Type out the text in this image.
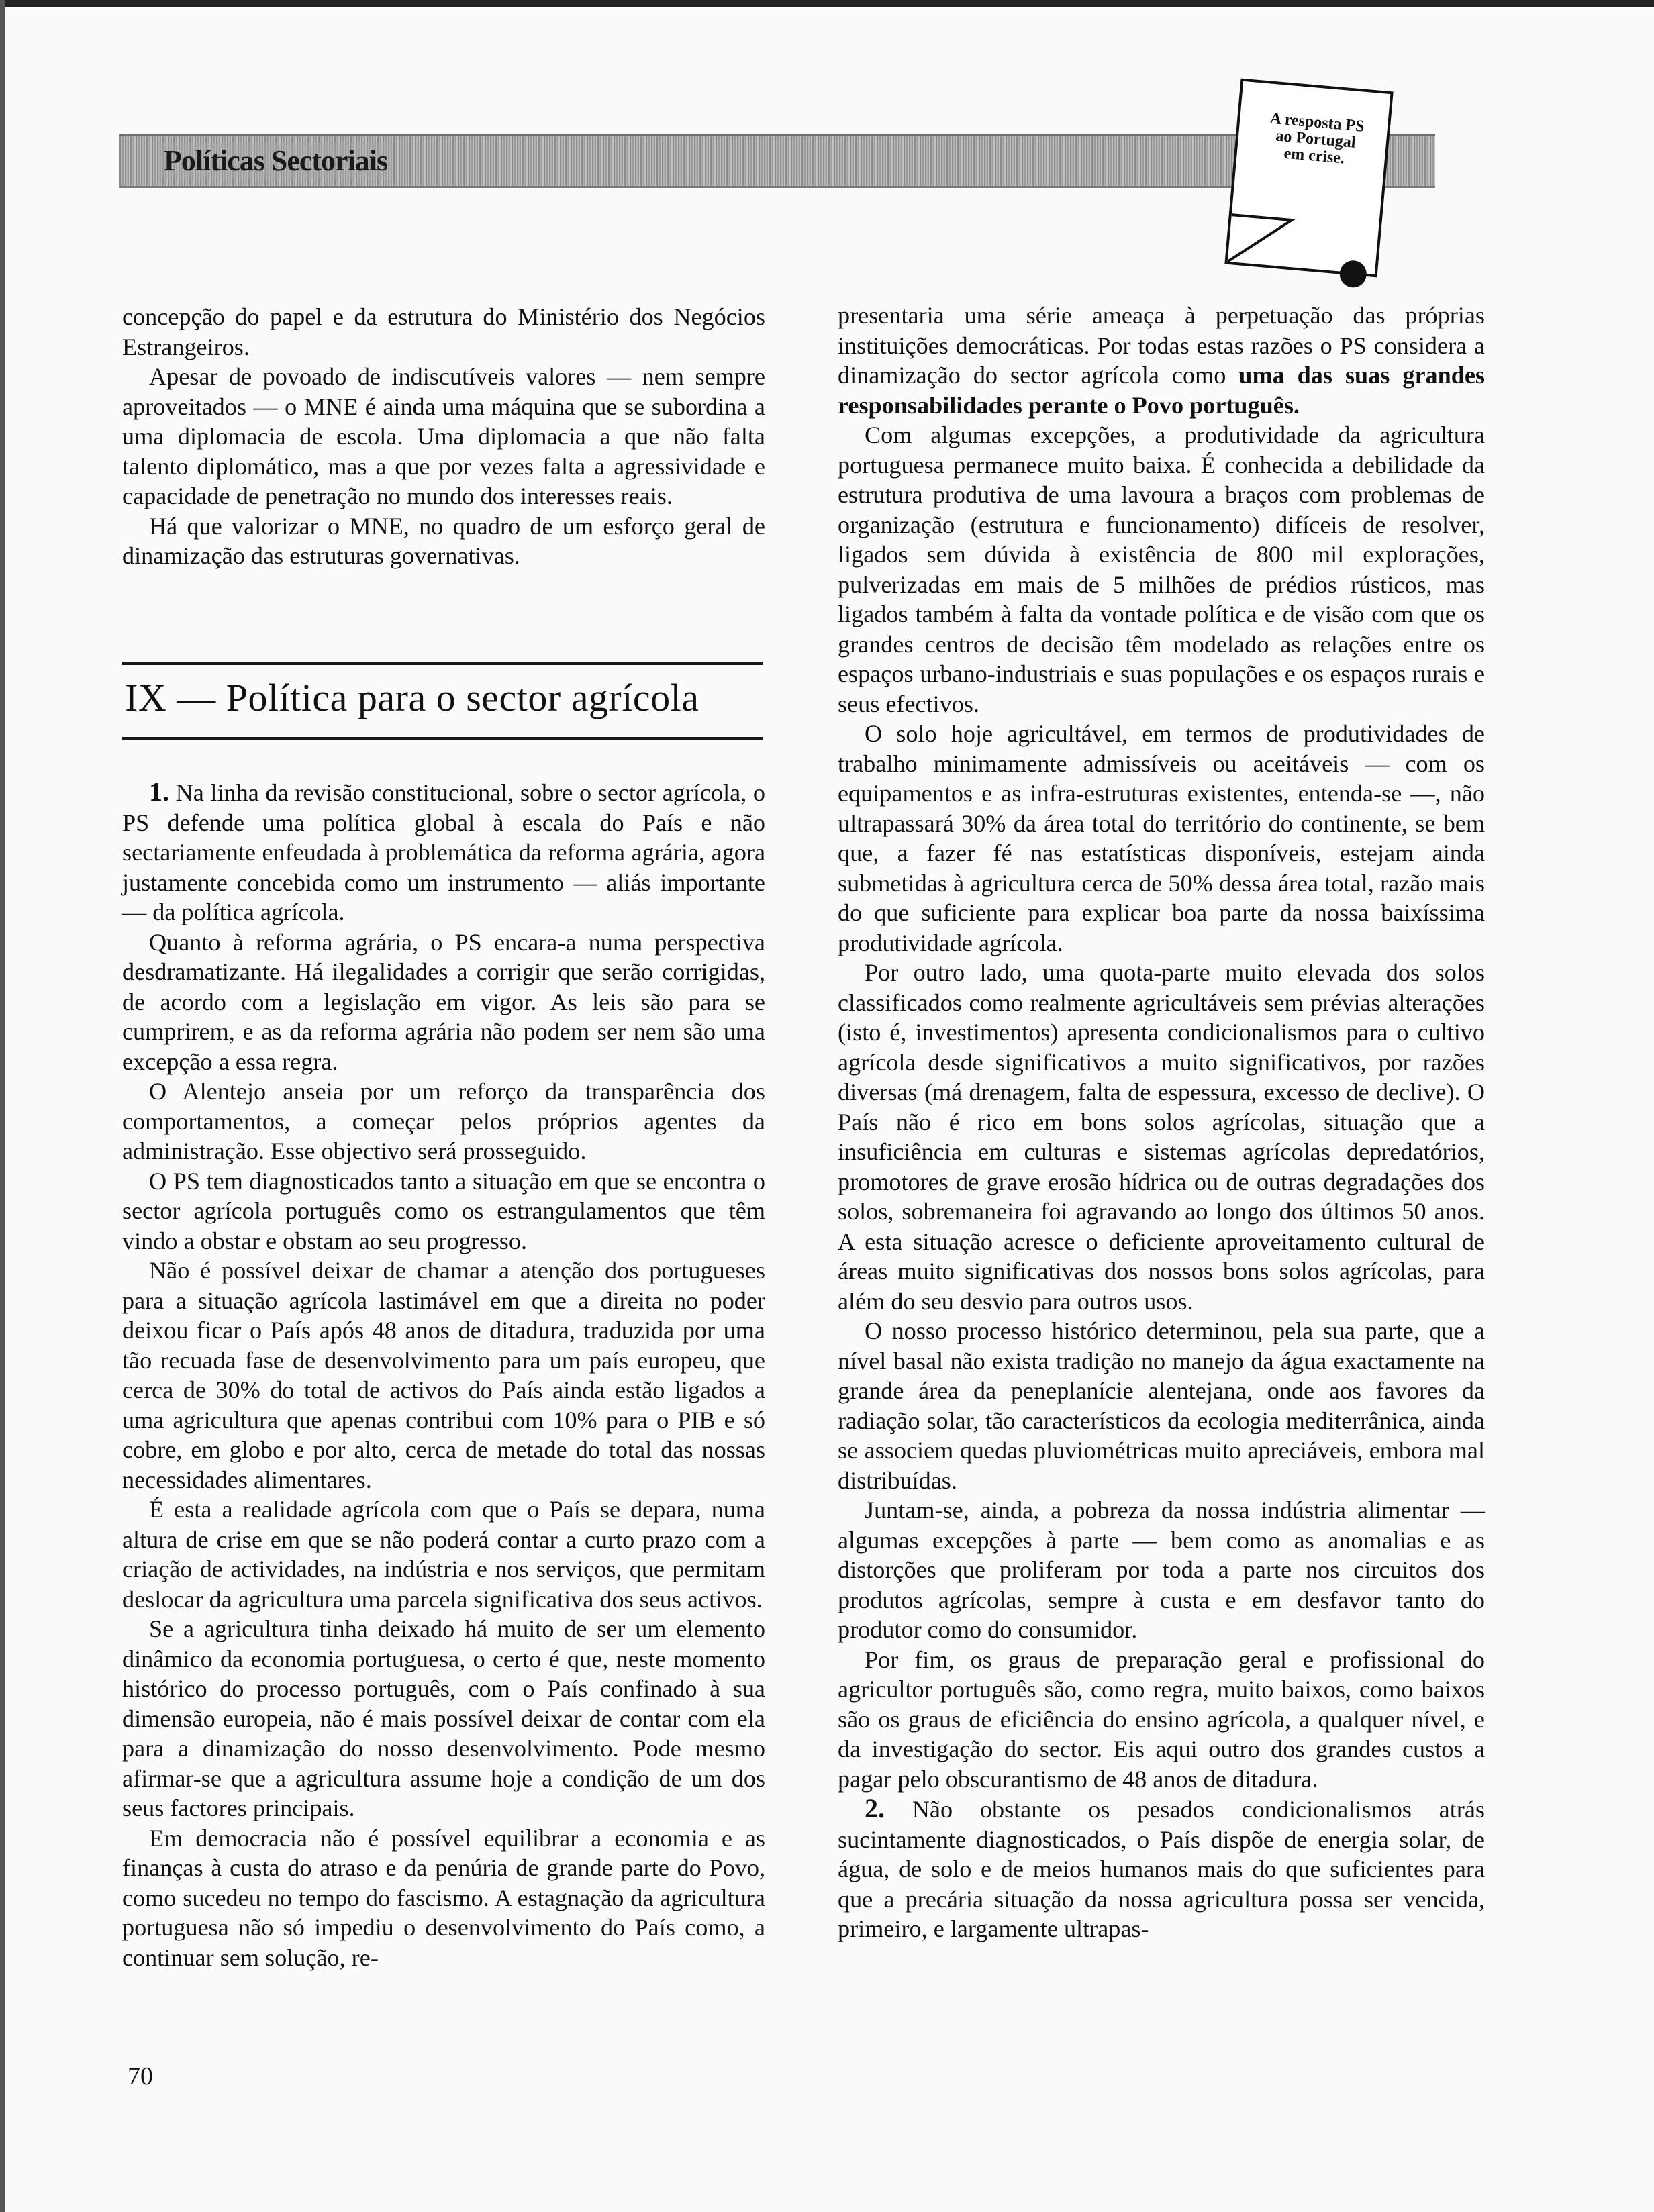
Políticas Sectoriais
A resposta PS ao Portugal em crise.

concepção do papel e da estrutura do Ministério dos Negócios Estrangeiros.

Apesar de povoado de indiscutíveis valores — nem sempre aproveitados — o MNE é ainda uma máquina que se subordina a uma diplomacia de escola. Uma diplomacia a que não falta talento diplomático, mas a que por vezes falta a agressividade e capacidade de penetração no mundo dos interesses reais.

Há que valorizar o MNE, no quadro de um esforço geral de dinamização das estruturas governativas.

IX — Política para o sector agrícola

1. Na linha da revisão constitucional, sobre o sector agrícola, o PS defende uma política global à escala do País e não sectariamente enfeudada à problemática da reforma agrária, agora justamente concebida como um instrumento — aliás importante — da política agrícola.

Quanto à reforma agrária, o PS encara-a numa perspectiva desdramatizante. Há ilegalidades a corrigir que serão corrigidas, de acordo com a legislação em vigor. As leis são para se cumprirem, e as da reforma agrária não podem ser nem são uma excepção a essa regra.

O Alentejo anseia por um reforço da transparência dos comportamentos, a começar pelos próprios agentes da administração. Esse objectivo será prosseguido.

O PS tem diagnosticados tanto a situação em que se encontra o sector agrícola português como os estrangulamentos que têm vindo a obstar e obstam ao seu progresso.

Não é possível deixar de chamar a atenção dos portugueses para a situação agrícola lastimável em que a direita no poder deixou ficar o País após 48 anos de ditadura, traduzida por uma tão recuada fase de desenvolvimento para um país europeu, que cerca de 30% do total de activos do País ainda estão ligados a uma agricultura que apenas contribui com 10% para o PIB e só cobre, em globo e por alto, cerca de metade do total das nossas necessidades alimentares.

É esta a realidade agrícola com que o País se depara, numa altura de crise em que se não poderá contar a curto prazo com a criação de actividades, na indústria e nos serviços, que permitam deslocar da agricultura uma parcela significativa dos seus activos.

Se a agricultura tinha deixado há muito de ser um elemento dinâmico da economia portuguesa, o certo é que, neste momento histórico do processo português, com o País confinado à sua dimensão europeia, não é mais possível deixar de contar com ela para a dinamização do nosso desenvolvimento. Pode mesmo afirmar-se que a agricultura assume hoje a condição de um dos seus factores principais.

Em democracia não é possível equilibrar a economia e as finanças à custa do atraso e da penúria de grande parte do Povo, como sucedeu no tempo do fascismo. A estagnação da agricultura portuguesa não só impediu o desenvolvimento do País como, a continuar sem solução, re-

presentaria uma série ameaça à perpetuação das próprias instituições democráticas. Por todas estas razões o PS considera a dinamização do sector agrícola como uma das suas grandes responsabilidades perante o Povo português.

Com algumas excepções, a produtividade da agricultura portuguesa permanece muito baixa. É conhecida a debilidade da estrutura produtiva de uma lavoura a braços com problemas de organização (estrutura e funcionamento) difíceis de resolver, ligados sem dúvida à existência de 800 mil explorações, pulverizadas em mais de 5 milhões de prédios rústicos, mas ligados também à falta da vontade política e de visão com que os grandes centros de decisão têm modelado as relações entre os espaços urbano-industriais e suas populações e os espaços rurais e seus efectivos.

O solo hoje agricultável, em termos de produtividades de trabalho minimamente admissíveis ou aceitáveis — com os equipamentos e as infra-estruturas existentes, entenda-se —, não ultrapassará 30% da área total do território do continente, se bem que, a fazer fé nas estatísticas disponíveis, estejam ainda submetidas à agricultura cerca de 50% dessa área total, razão mais do que suficiente para explicar boa parte da nossa baixíssima produtividade agrícola.

Por outro lado, uma quota-parte muito elevada dos solos classificados como realmente agricultáveis sem prévias alterações (isto é, investimentos) apresenta condicionalismos para o cultivo agrícola desde significativos a muito significativos, por razões diversas (má drenagem, falta de espessura, excesso de declive). O País não é rico em bons solos agrícolas, situação que a insuficiência em culturas e sistemas agrícolas depredatórios, promotores de grave erosão hídrica ou de outras degradações dos solos, sobremaneira foi agravando ao longo dos últimos 50 anos. A esta situação acresce o deficiente aproveitamento cultural de áreas muito significativas dos nossos bons solos agrícolas, para além do seu desvio para outros usos.

O nosso processo histórico determinou, pela sua parte, que a nível basal não exista tradição no manejo da água exactamente na grande área da peneplanície alentejana, onde aos favores da radiação solar, tão característicos da ecologia mediterrânica, ainda se associem quedas pluviométricas muito apreciáveis, embora mal distribuídas.

Juntam-se, ainda, a pobreza da nossa indústria alimentar — algumas excepções à parte — bem como as anomalias e as distorções que proliferam por toda a parte nos circuitos dos produtos agrícolas, sempre à custa e em desfavor tanto do produtor como do consumidor.

Por fim, os graus de preparação geral e profissional do agricultor português são, como regra, muito baixos, como baixos são os graus de eficiência do ensino agrícola, a qualquer nível, e da investigação do sector. Eis aqui outro dos grandes custos a pagar pelo obscurantismo de 48 anos de ditadura.

2. Não obstante os pesados condicionalismos atrás sucintamente diagnosticados, o País dispõe de energia solar, de água, de solo e de meios humanos mais do que suficientes para que a precária situação da nossa agricultura possa ser vencida, primeiro, e largamente ultrapas-

70
